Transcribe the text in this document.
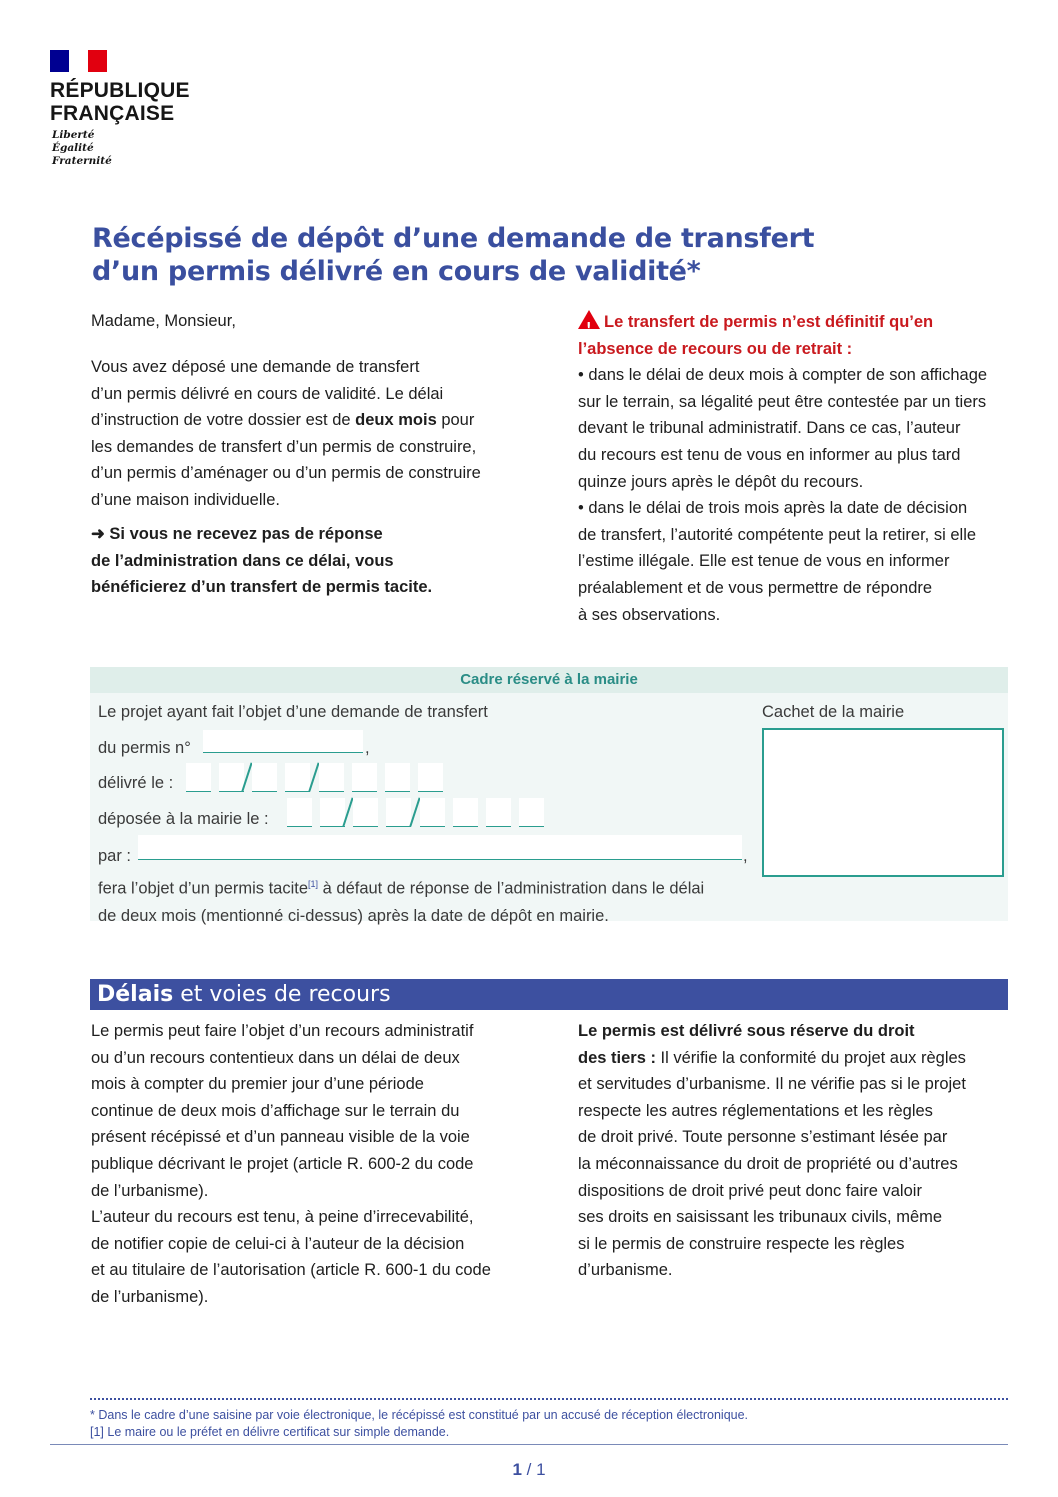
RÉPUBLIQUE
FRANÇAISE
Liberté
Égalité
Fraternité
Récépissé de dépôt d’une demande de transfert
d’un permis délivré en cours de validité*
Madame, Monsieur,
Vous avez déposé une demande de transfert
d’un permis délivré en cours de validité. Le délai
d’instruction de votre dossier est de deux mois pour
les demandes de transfert d’un permis de construire,
d’un permis d’aménager ou d’un permis de construire
d’une maison individuelle.
➜ Si vous ne recevez pas de réponse
de l’administration dans ce délai, vous
bénéficierez d’un transfert de permis tacite.
!Le transfert de permis n’est définitif qu’en
l’absence de recours ou de retrait :
• dans le délai de deux mois à compter de son affichage
sur le terrain, sa légalité peut être contestée par un tiers
devant le tribunal administratif. Dans ce cas, l’auteur
du recours est tenu de vous en informer au plus tard
quinze jours après le dépôt du recours.
• dans le délai de trois mois après la date de décision
de transfert, l’autorité compétente peut la retirer, si elle
l’estime illégale. Elle est tenue de vous en informer
préalablement et de vous permettre de répondre
à ses observations.
Cadre réservé à la mairie
Le projet ayant fait l’objet d’une demande de transfert
du permis n°	,
délivré le :
déposée à la mairie le :
par :	,
fera l’objet d’un permis tacite[1] à défaut de réponse de l’administration dans le délai
de deux mois (mentionné ci-dessus) après la date de dépôt en mairie.
Cachet de la mairie
Délais et voies de recours
Le permis peut faire l’objet d’un recours administratif
ou d’un recours contentieux dans un délai de deux
mois à compter du premier jour d’une période
continue de deux mois d’affichage sur le terrain du
présent récépissé et d’un panneau visible de la voie
publique décrivant le projet (article R. 600-2 du code
de l’urbanisme).
L’auteur du recours est tenu, à peine d’irrecevabilité,
de notifier copie de celui-ci à l’auteur de la décision
et au titulaire de l’autorisation (article R. 600-1 du code
de l’urbanisme).
Le permis est délivré sous réserve du droit
des tiers : Il vérifie la conformité du projet aux règles
et servitudes d’urbanisme. Il ne vérifie pas si le projet
respecte les autres réglementations et les règles
de droit privé. Toute personne s’estimant lésée par
la méconnaissance du droit de propriété ou d’autres
dispositions de droit privé peut donc faire valoir
ses droits en saisissant les tribunaux civils, même
si le permis de construire respecte les règles
d’urbanisme.
* Dans le cadre d’une saisine par voie électronique, le récépissé est constitué par un accusé de réception électronique.
[1] Le maire ou le préfet en délivre certificat sur simple demande.
1 / 1
